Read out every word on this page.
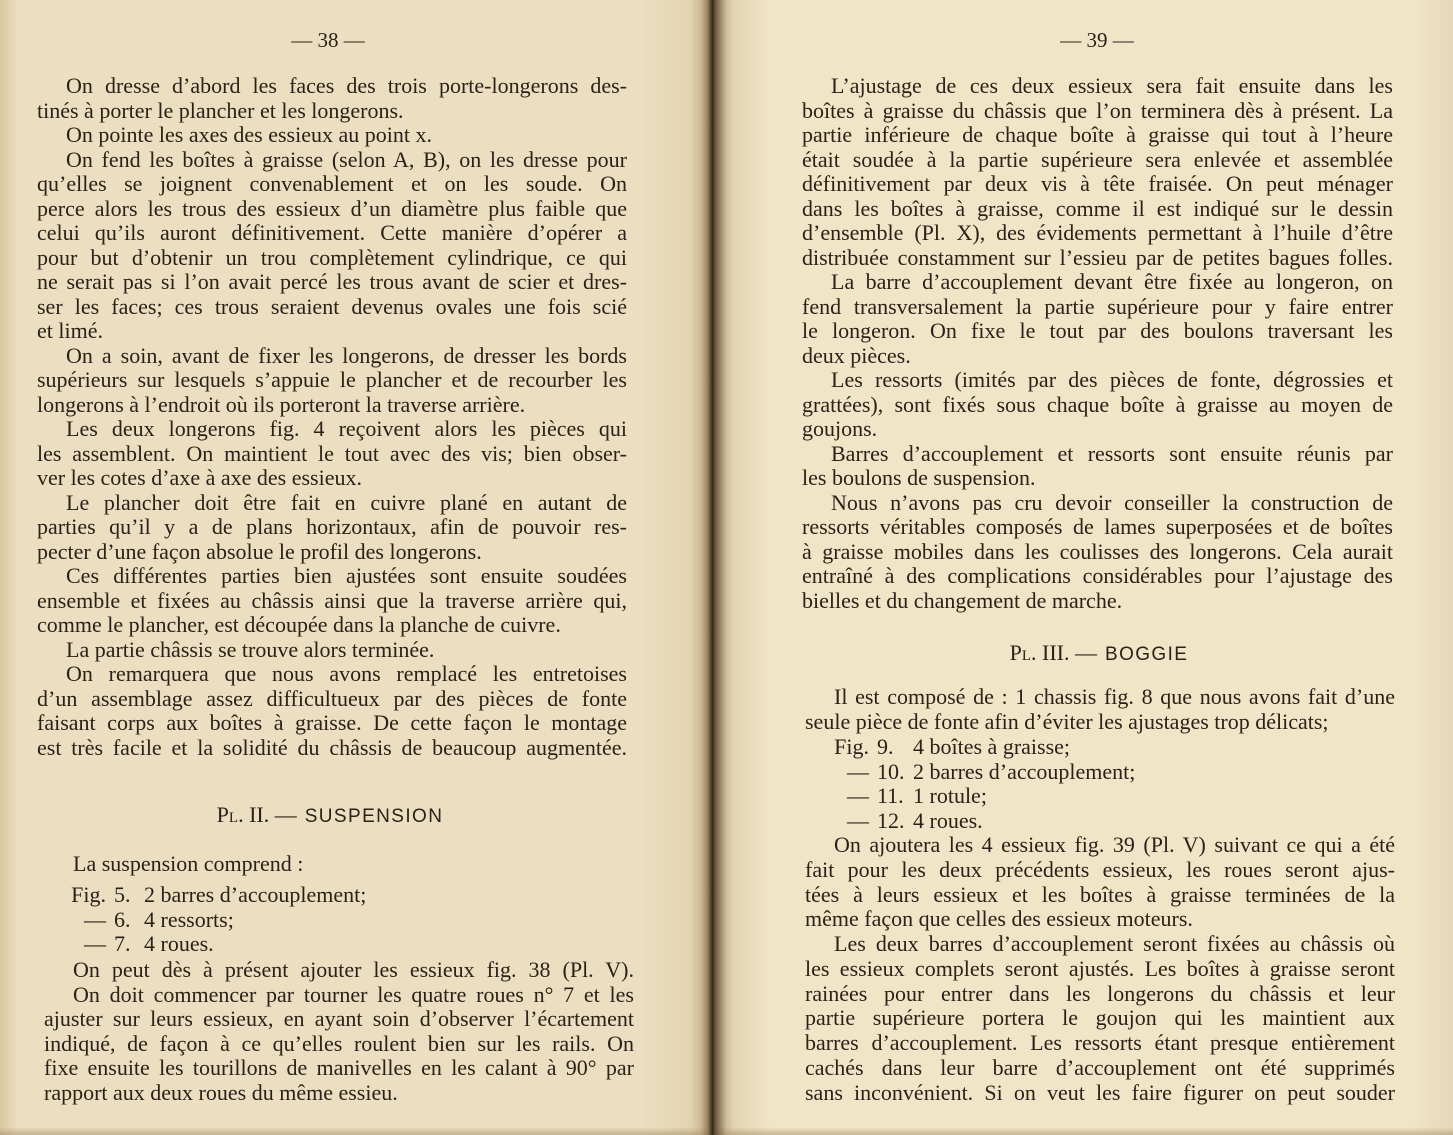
— 38 —
On dresse d’abord les faces des trois porte-longerons des-
tinés à porter le plancher et les longerons.
On pointe les axes des essieux au point x.
On fend les boîtes à graisse (selon A, B), on les dresse pour
qu’elles se joignent convenablement et on les soude. On
perce alors les trous des essieux d’un diamètre plus faible que
celui qu’ils auront définitivement. Cette manière d’opérer a
pour but d’obtenir un trou complètement cylindrique, ce qui
ne serait pas si l’on avait percé les trous avant de scier et dres-
ser les faces; ces trous seraient devenus ovales une fois scié
et limé.
On a soin, avant de fixer les longerons, de dresser les bords
supérieurs sur lesquels s’appuie le plancher et de recourber les
longerons à l’endroit où ils porteront la traverse arrière.
Les deux longerons fig. 4 reçoivent alors les pièces qui
les assemblent. On maintient le tout avec des vis; bien obser-
ver les cotes d’axe à axe des essieux.
Le plancher doit être fait en cuivre plané en autant de
parties qu’il y a de plans horizontaux, afin de pouvoir res-
pecter d’une façon absolue le profil des longerons.
Ces différentes parties bien ajustées sont ensuite soudées
ensemble et fixées au châssis ainsi que la traverse arrière qui,
comme le plancher, est découpée dans la planche de cuivre.
La partie châssis se trouve alors terminée.
On remarquera que nous avons remplacé les entretoises
d’un assemblage assez difficultueux par des pièces de fonte
faisant corps aux boîtes à graisse. De cette façon le montage
est très facile et la solidité du châssis de beaucoup augmentée.
Pl. II. — SUSPENSION
La suspension comprend :
Fig. 5. 2 barres d’accouplement;
— 6. 4 ressorts;
— 7. 4 roues.
On peut dès à présent ajouter les essieux fig. 38 (Pl. V).
On doit commencer par tourner les quatre roues n° 7 et les
ajuster sur leurs essieux, en ayant soin d’observer l’écartement
indiqué, de façon à ce qu’elles roulent bien sur les rails. On
fixe ensuite les tourillons de manivelles en les calant à 90° par
rapport aux deux roues du même essieu.
— 39 —
L’ajustage de ces deux essieux sera fait ensuite dans les
boîtes à graisse du châssis que l’on terminera dès à présent. La
partie inférieure de chaque boîte à graisse qui tout à l’heure
était soudée à la partie supérieure sera enlevée et assemblée
définitivement par deux vis à tête fraisée. On peut ménager
dans les boîtes à graisse, comme il est indiqué sur le dessin
d’ensemble (Pl. X), des évidements permettant à l’huile d’être
distribuée constamment sur l’essieu par de petites bagues folles.
La barre d’accouplement devant être fixée au longeron, on
fend transversalement la partie supérieure pour y faire entrer
le longeron. On fixe le tout par des boulons traversant les
deux pièces.
Les ressorts (imités par des pièces de fonte, dégrossies et
grattées), sont fixés sous chaque boîte à graisse au moyen de
goujons.
Barres d’accouplement et ressorts sont ensuite réunis par
les boulons de suspension.
Nous n’avons pas cru devoir conseiller la construction de
ressorts véritables composés de lames superposées et de boîtes
à graisse mobiles dans les coulisses des longerons. Cela aurait
entraîné à des complications considérables pour l’ajustage des
bielles et du changement de marche.
Pl. III. — BOGGIE
Il est composé de : 1 chassis fig. 8 que nous avons fait d’une
seule pièce de fonte afin d’éviter les ajustages trop délicats;
Fig. 9. 4 boîtes à graisse;
— 10. 2 barres d’accouplement;
— 11. 1 rotule;
— 12. 4 roues.
On ajoutera les 4 essieux fig. 39 (Pl. V) suivant ce qui a été
fait pour les deux précédents essieux, les roues seront ajus-
tées à leurs essieux et les boîtes à graisse terminées de la
même façon que celles des essieux moteurs.
Les deux barres d’accouplement seront fixées au châssis où
les essieux complets seront ajustés. Les boîtes à graisse seront
rainées pour entrer dans les longerons du châssis et leur
partie supérieure portera le goujon qui les maintient aux
barres d’accouplement. Les ressorts étant presque entièrement
cachés dans leur barre d’accouplement ont été supprimés
sans inconvénient. Si on veut les faire figurer on peut souder
